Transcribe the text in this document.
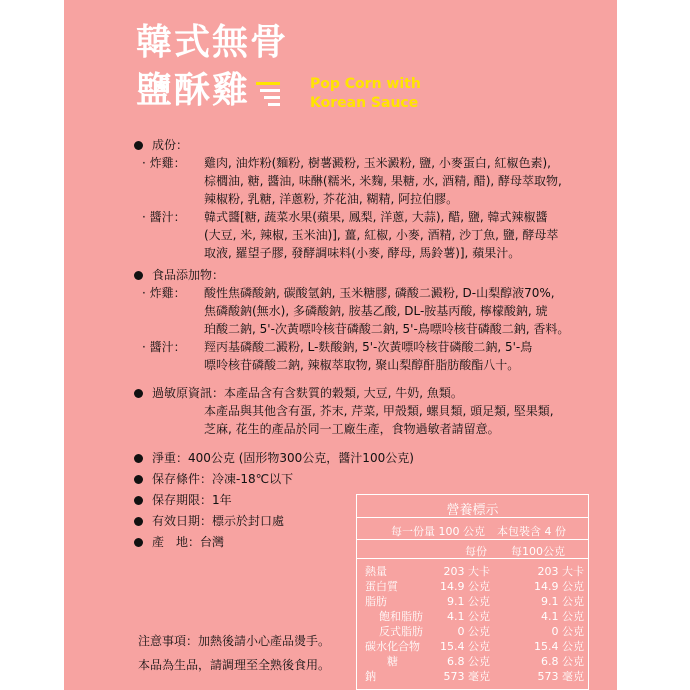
韓式無骨
鹽酥雞	Pop Corn with
Korean Sauce
成份：
· 炸雞： 雞肉, 油炸粉(麵粉, 樹薯澱粉, 玉米澱粉, 鹽, 小麥蛋白, 紅椒色素),
棕櫚油, 糖, 醬油, 味醂(糯米, 米麴, 果糖, 水, 酒精, 醋), 酵母萃取物,
辣椒粉, 乳糖, 洋蔥粉, 芥花油, 糊精, 阿拉伯膠。
· 醬汁： 韓式醬[糖, 蔬菜水果(蘋果, 鳳梨, 洋蔥, 大蒜), 醋, 鹽, 韓式辣椒醬
(大豆, 米, 辣椒, 玉米油)], 薑, 紅椒, 小麥, 酒精, 沙丁魚, 鹽, 酵母萃
取液, 羅望子膠, 發酵調味料(小麥, 酵母, 馬鈴薯)], 蘋果汁。
食品添加物：
· 炸雞： 酸性焦磷酸鈉, 碳酸氫鈉, 玉米糖膠, 磷酸二澱粉, D-山梨醇液70%,
焦磷酸鈉(無水), 多磷酸鈉, 胺基乙酸, DL-胺基丙酸, 檸檬酸鈉, 琥
珀酸二鈉, 5'-次黃嘌呤核苷磷酸二鈉, 5'-鳥嘌呤核苷磷酸二鈉, 香料。
· 醬汁： 羥丙基磷酸二澱粉, L-麩酸鈉, 5'-次黃嘌呤核苷磷酸二鈉, 5'-鳥
嘌呤核苷磷酸二鈉, 辣椒萃取物, 聚山梨醇酐脂肪酸酯八十。
過敏原資訊：本產品含有含麩質的穀類, 大豆, 牛奶, 魚類。
本產品與其他含有蛋, 芥末, 芹菜, 甲殼類, 螺貝類, 頭足類, 堅果類,
芝麻, 花生的產品於同一工廠生產，食物過敏者請留意。
淨重：400公克 (固形物300公克，醬汁100公克)
保存條件：冷凍-18℃以下
保存期限：1年
有效日期：標示於封口處
產　地：台灣
注意事項：加熱後請小心產品燙手。
本品為生品，請調理至全熟後食用。
營養標示
每一份量 100 公克 本包裝含 4 份
每份 每100公克
熱量	203 大卡	203 大卡
蛋白質	14.9 公克	14.9 公克
脂肪	9.1 公克	9.1 公克
飽和脂肪 4.1 公克	4.1 公克
反式脂肪	0 公克	0 公克
碳水化合物 15.4 公克	15.4 公克
糖	6.8 公克	6.8 公克
鈉	573 毫克	573 毫克
